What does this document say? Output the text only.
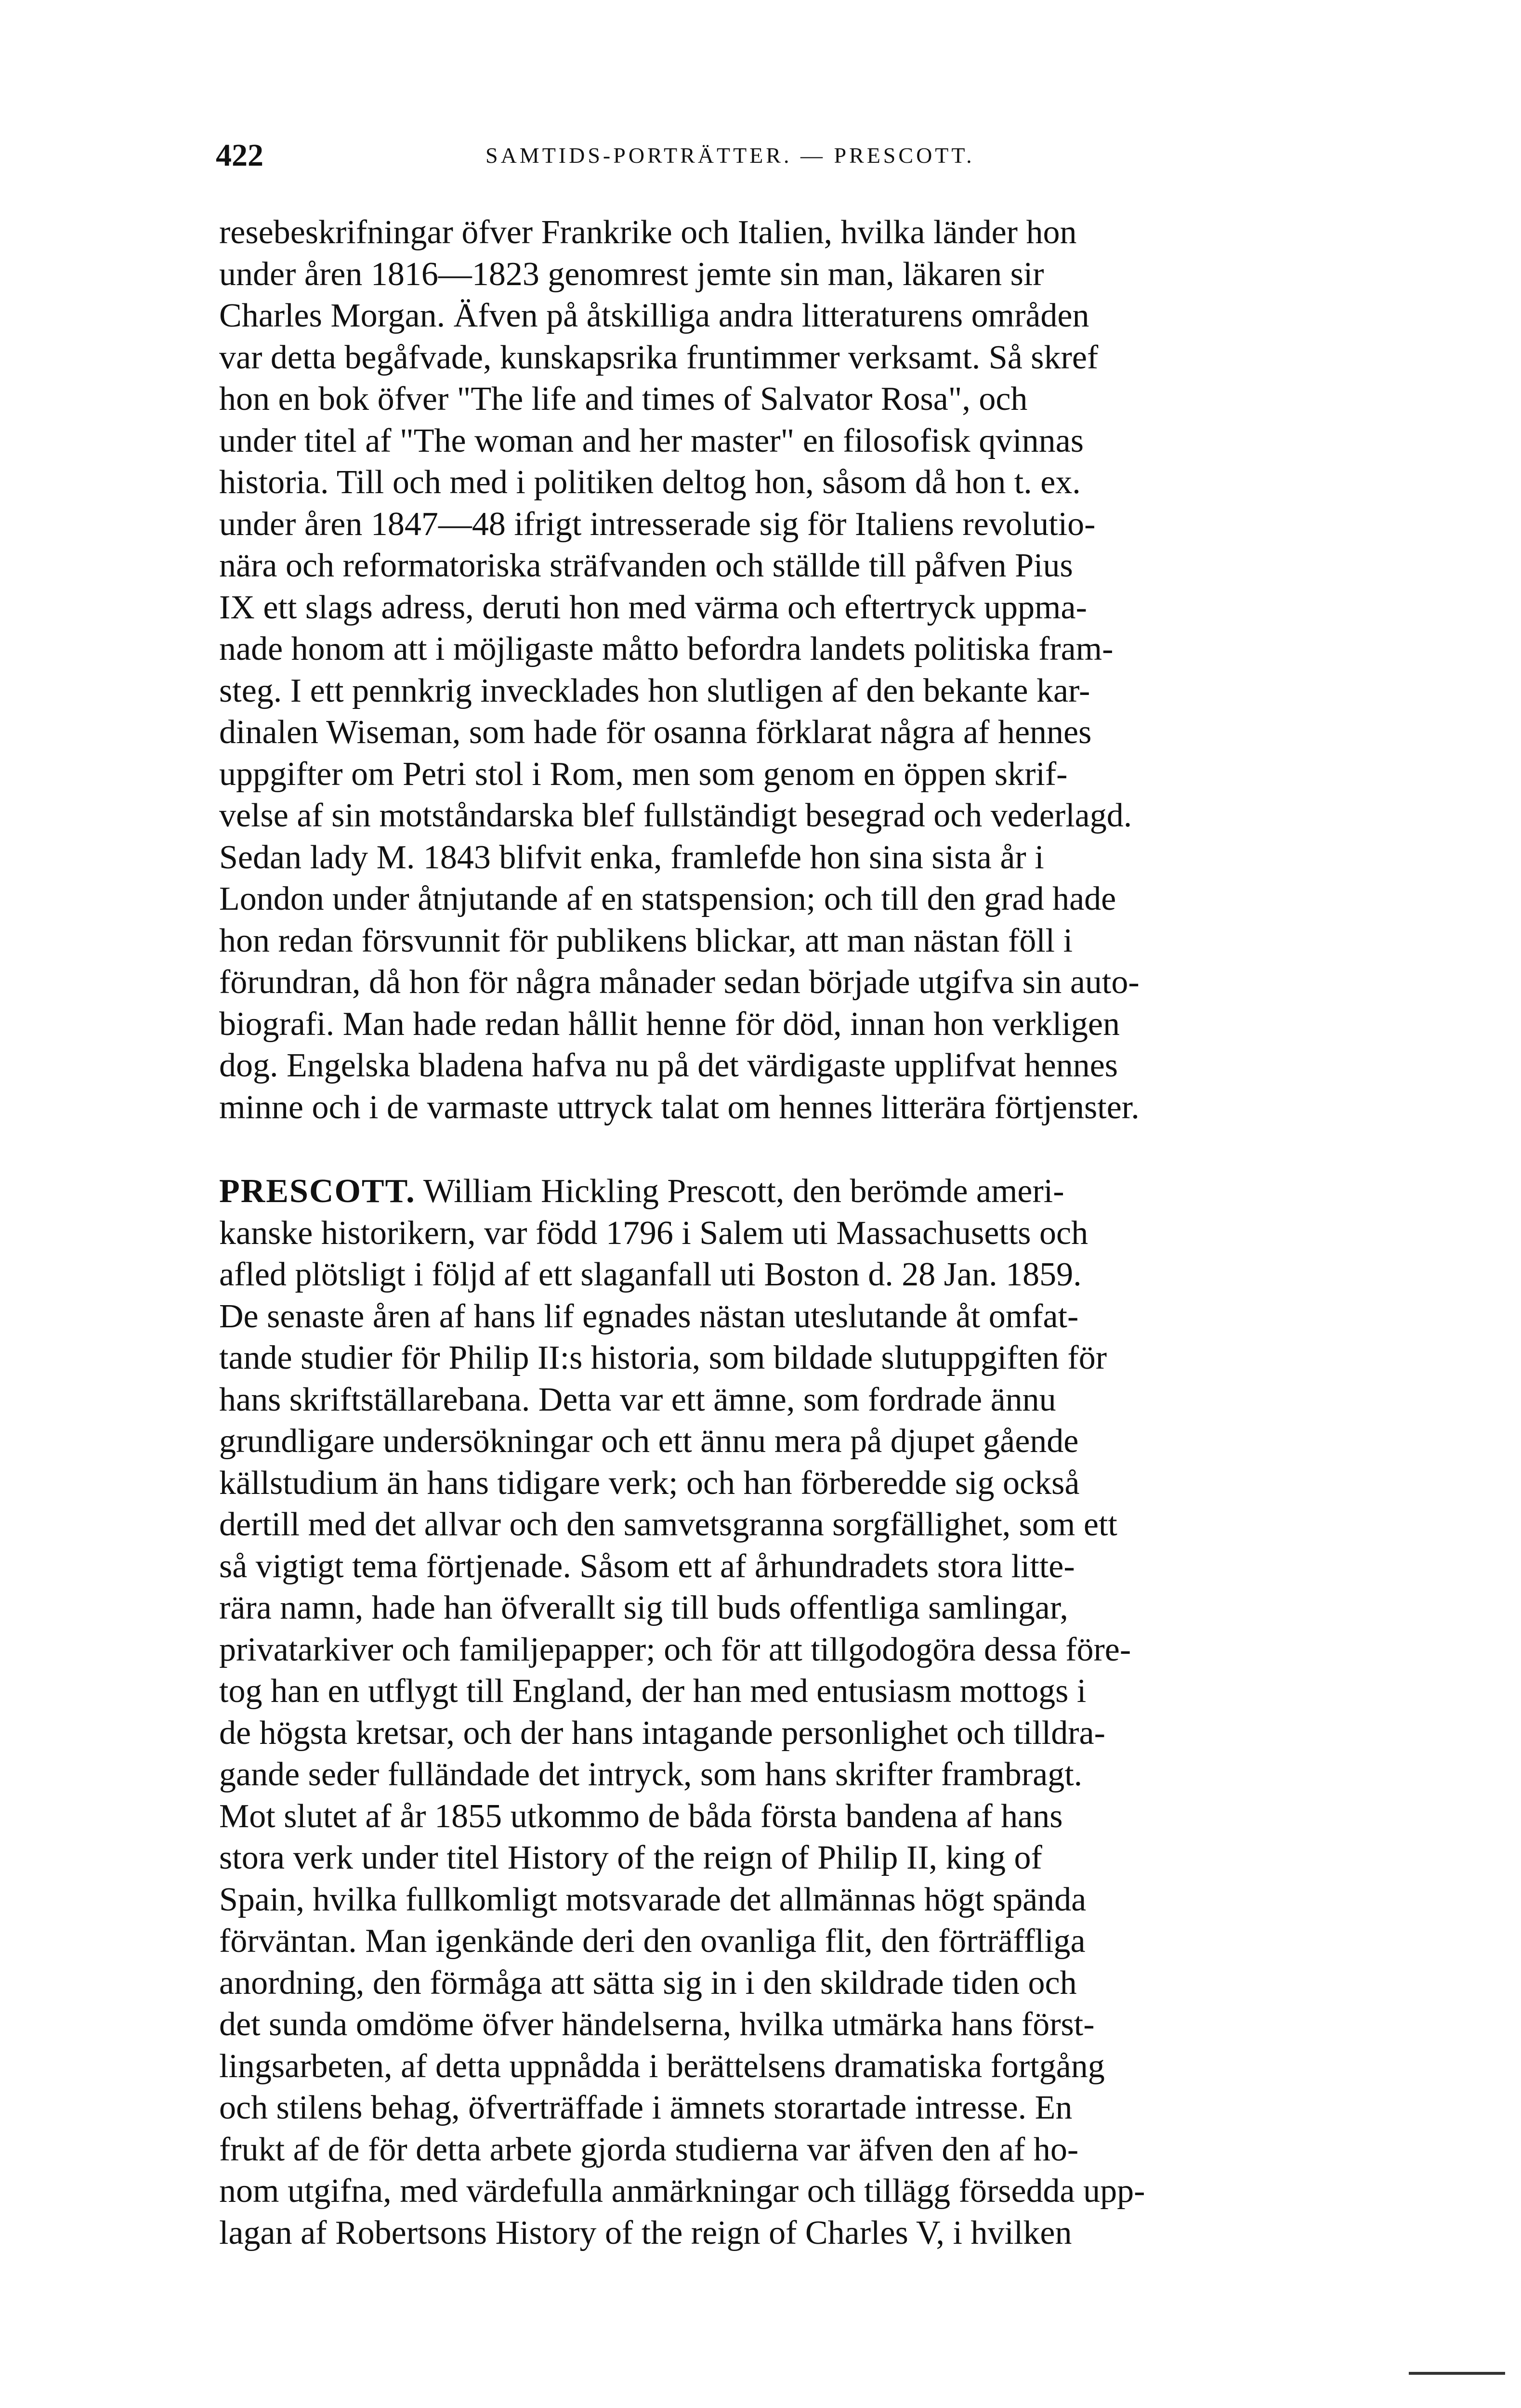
422	SAMTIDS-PORTRÄTTER. — PRESCOTT.
resebeskrifningar öfver Frankrike och Italien, hvilka länder hon
under åren 1816—1823 genomrest jemte sin man, läkaren sir
Charles Morgan. Äfven på åtskilliga andra litteraturens områden
var detta begåfvade, kunskapsrika fruntimmer verksamt. Så skref
hon en bok öfver "The life and times of Salvator Rosa", och
under titel af "The woman and her master" en filosofisk qvinnas
historia. Till och med i politiken deltog hon, såsom då hon t. ex.
under åren 1847—48 ifrigt intresserade sig för Italiens revolutio-
nära och reformatoriska sträfvanden och ställde till påfven Pius
IX ett slags adress, deruti hon med värma och eftertryck uppma-
nade honom att i möjligaste måtto befordra landets politiska fram-
steg. I ett pennkrig invecklades hon slutligen af den bekante kar-
dinalen Wiseman, som hade för osanna förklarat några af hennes
uppgifter om Petri stol i Rom, men som genom en öppen skrif-
velse af sin motståndarska blef fullständigt besegrad och vederlagd.
Sedan lady M. 1843 blifvit enka, framlefde hon sina sista år i
London under åtnjutande af en statspension; och till den grad hade
hon redan försvunnit för publikens blickar, att man nästan föll i
förundran, då hon för några månader sedan började utgifva sin auto-
biografi. Man hade redan hållit henne för död, innan hon verkligen
dog. Engelska bladena hafva nu på det värdigaste upplifvat hennes
minne och i de varmaste uttryck talat om hennes litterära förtjenster.
PRESCOTT. William Hickling Prescott, den berömde ameri-
kanske historikern, var född 1796 i Salem uti Massachusetts och
afled plötsligt i följd af ett slaganfall uti Boston d. 28 Jan. 1859.
De senaste åren af hans lif egnades nästan uteslutande åt omfat-
tande studier för Philip II:s historia, som bildade slutuppgiften för
hans skriftställarebana. Detta var ett ämne, som fordrade ännu
grundligare undersökningar och ett ännu mera på djupet gående
källstudium än hans tidigare verk; och han förberedde sig också
dertill med det allvar och den samvetsgranna sorgfällighet, som ett
så vigtigt tema förtjenade. Såsom ett af århundradets stora litte-
rära namn, hade han öfverallt sig till buds offentliga samlingar,
privatarkiver och familjepapper; och för att tillgodogöra dessa före-
tog han en utflygt till England, der han med entusiasm mottogs i
de högsta kretsar, och der hans intagande personlighet och tilldra-
gande seder fulländade det intryck, som hans skrifter frambragt.
Mot slutet af år 1855 utkommo de båda första bandena af hans
stora verk under titel History of the reign of Philip II, king of
Spain, hvilka fullkomligt motsvarade det allmännas högt spända
förväntan. Man igenkände deri den ovanliga flit, den förträffliga
anordning, den förmåga att sätta sig in i den skildrade tiden och
det sunda omdöme öfver händelserna, hvilka utmärka hans först-
lingsarbeten, af detta uppnådda i berättelsens dramatiska fortgång
och stilens behag, öfverträffade i ämnets storartade intresse. En
frukt af de för detta arbete gjorda studierna var äfven den af ho-
nom utgifna, med värdefulla anmärkningar och tillägg försedda upp-
lagan af Robertsons History of the reign of Charles V, i hvilken
